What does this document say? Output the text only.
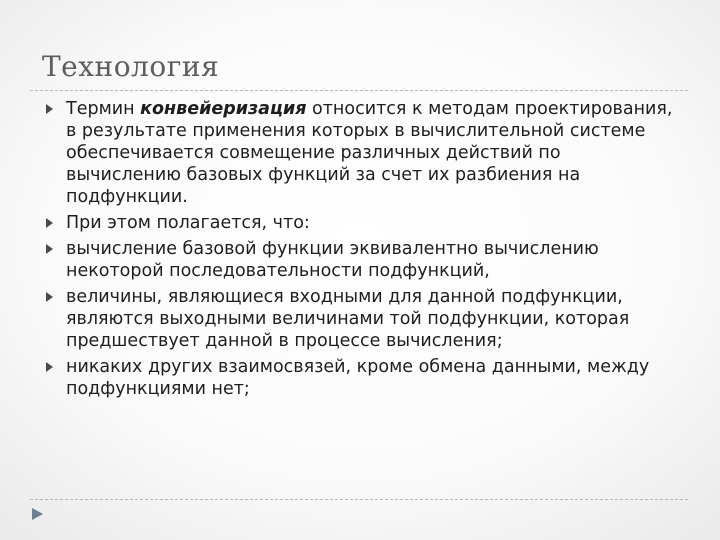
Технология
Термин конвейеризация относится к методам проектирования, в результате применения которых в вычислительной системе обеспечивается совмещение различных действий по вычислению базовых функций за счет их разбиения на подфункции.
При этом полагается, что:
вычисление базовой функции эквивалентно вычислению некоторой последовательности подфункций,
величины, являющиеся входными для данной подфункции, являются выходными величинами той подфункции, которая предшествует данной в процессе вычисления;
никаких других взаимосвязей, кроме обмена данными, между подфункциями нет;
